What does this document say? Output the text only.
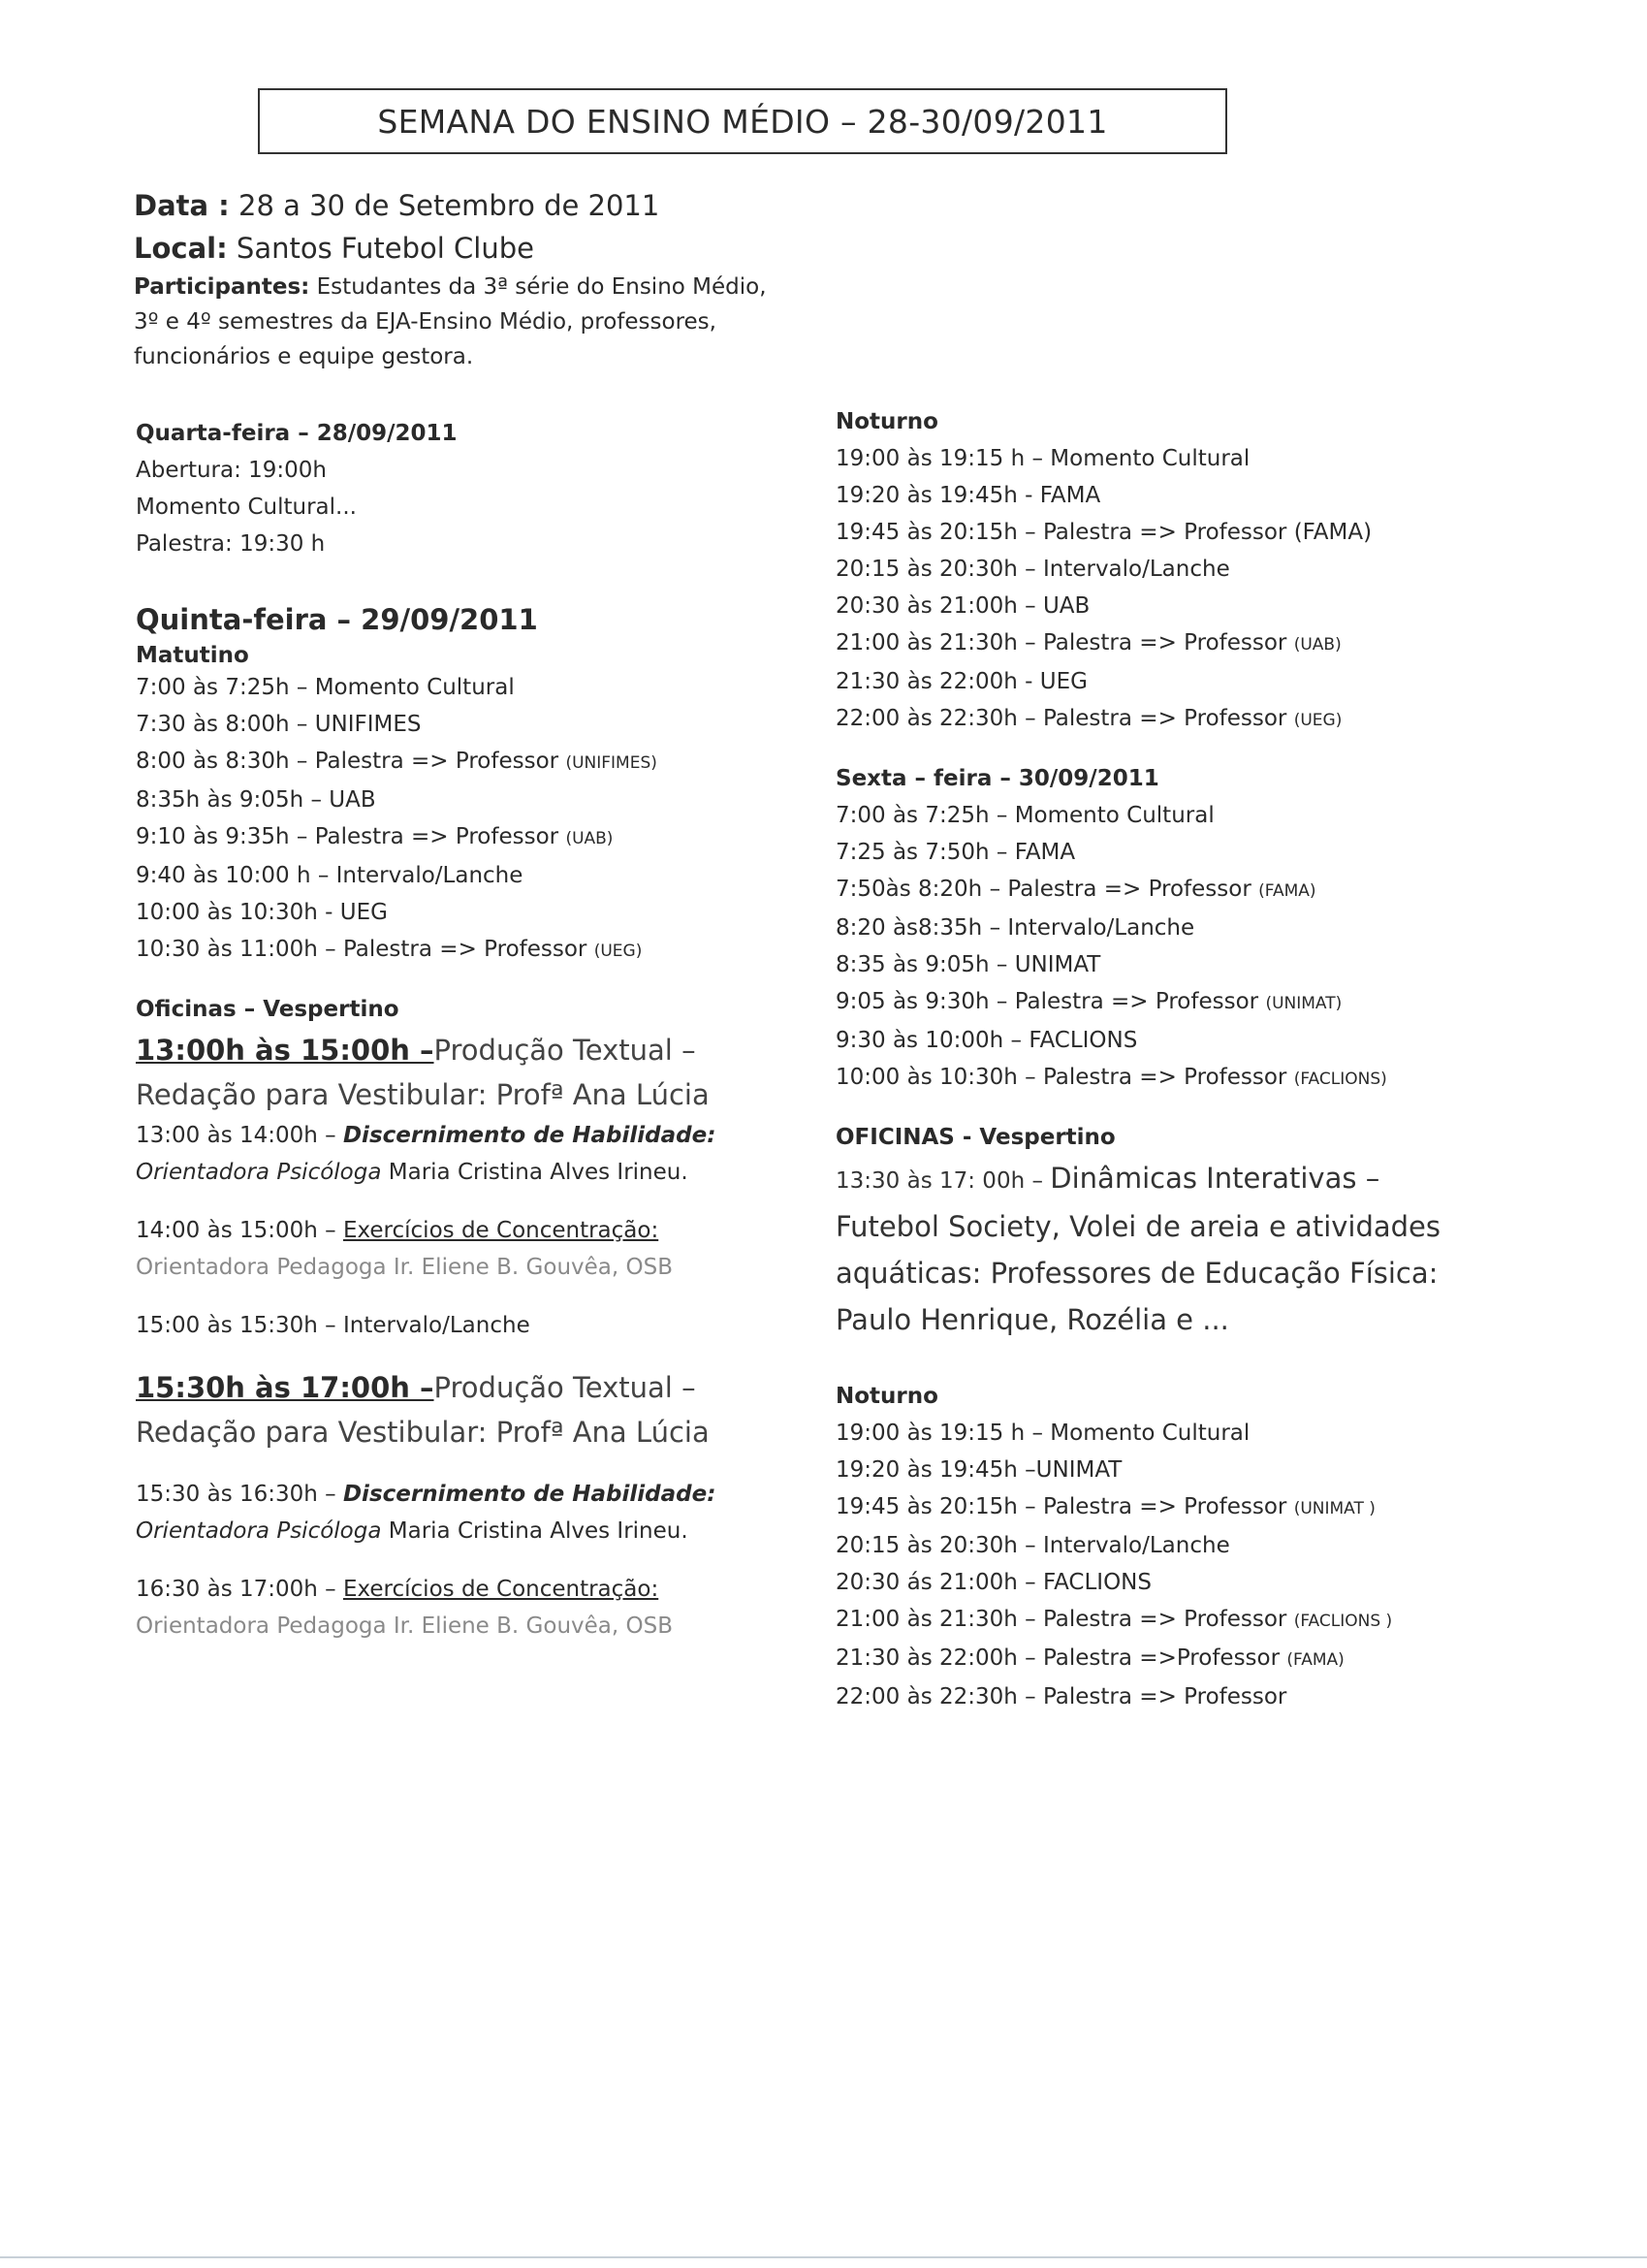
SEMANA DO ENSINO MÉDIO – 28-30/09/2011
Data : 28 a 30 de Setembro de 2011
Local: Santos Futebol Clube
Participantes: Estudantes da 3ª série do Ensino Médio,
3º e 4º semestres da EJA-Ensino Médio, professores,
funcionários e equipe gestora.
Quarta-feira – 28/09/2011
Abertura: 19:00h
Momento Cultural...
Palestra: 19:30 h
Quinta-feira – 29/09/2011
Matutino
7:00 às 7:25h – Momento Cultural
7:30 às 8:00h – UNIFIMES
8:00 às 8:30h – Palestra => Professor (UNIFIMES)
8:35h às 9:05h – UAB
9:10 às 9:35h – Palestra => Professor (UAB)
9:40 às 10:00 h – Intervalo/Lanche
10:00 às 10:30h - UEG
10:30 às 11:00h – Palestra => Professor (UEG)
Oficinas – Vespertino
13:00h às 15:00h –Produção Textual –
Redação para Vestibular: Profª Ana Lúcia
13:00 às 14:00h – Discernimento de Habilidade:
Orientadora Psicóloga Maria Cristina Alves Irineu.
14:00 às 15:00h – Exercícios de Concentração:
Orientadora Pedagoga Ir. Eliene B. Gouvêa, OSB
15:00 às 15:30h – Intervalo/Lanche
15:30h às 17:00h –Produção Textual –
Redação para Vestibular: Profª Ana Lúcia
15:30 às 16:30h – Discernimento de Habilidade:
Orientadora Psicóloga Maria Cristina Alves Irineu.
16:30 às 17:00h – Exercícios de Concentração:
Orientadora Pedagoga Ir. Eliene B. Gouvêa, OSB
Noturno
19:00 às 19:15 h – Momento Cultural
19:20 às 19:45h - FAMA
19:45 às 20:15h – Palestra => Professor (FAMA)
20:15 às 20:30h – Intervalo/Lanche
20:30 às 21:00h – UAB
21:00 às 21:30h – Palestra => Professor (UAB)
21:30 às 22:00h - UEG
22:00 às 22:30h – Palestra => Professor (UEG)
Sexta – feira – 30/09/2011
7:00 às 7:25h – Momento Cultural
7:25 às 7:50h – FAMA
7:50às 8:20h – Palestra => Professor (FAMA)
8:20 às8:35h – Intervalo/Lanche
8:35 às 9:05h – UNIMAT
9:05 às 9:30h – Palestra => Professor (UNIMAT)
9:30 às 10:00h – FACLIONS
10:00 às 10:30h – Palestra => Professor (FACLIONS)
OFICINAS - Vespertino
13:30 às 17: 00h – Dinâmicas Interativas –
Futebol Society, Volei de areia e atividades
aquáticas: Professores de Educação Física:
Paulo Henrique, Rozélia e ...
Noturno
19:00 às 19:15 h – Momento Cultural
19:20 às 19:45h –UNIMAT
19:45 às 20:15h – Palestra => Professor (UNIMAT )
20:15 às 20:30h – Intervalo/Lanche
20:30 ás 21:00h – FACLIONS
21:00 às 21:30h – Palestra => Professor (FACLIONS )
21:30 às 22:00h – Palestra =>Professor (FAMA)
22:00 às 22:30h – Palestra => Professor
